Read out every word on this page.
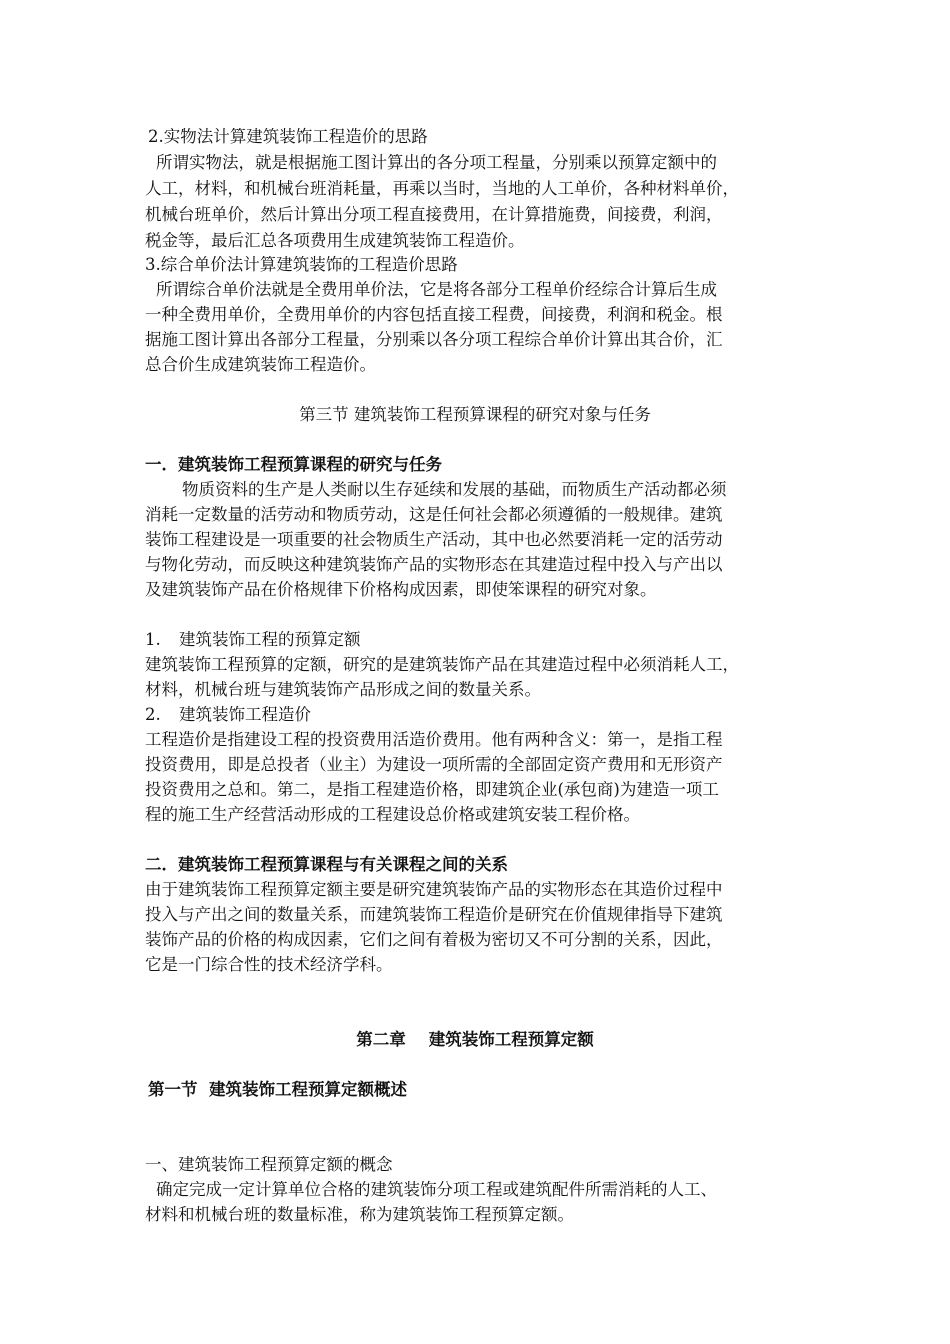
2.实物法计算建筑装饰工程造价的思路
所谓实物法，就是根据施工图计算出的各分项工程量，分别乘以预算定额中的
人工，材料，和机械台班消耗量，再乘以当时，当地的人工单价，各种材料单价，
机械台班单价，然后计算出分项工程直接费用，在计算措施费，间接费，利润，
税金等，最后汇总各项费用生成建筑装饰工程造价。
3.综合单价法计算建筑装饰的工程造价思路
所谓综合单价法就是全费用单价法，它是将各部分工程单价经综合计算后生成
一种全费用单价，全费用单价的内容包括直接工程费，间接费，利润和税金。根
据施工图计算出各部分工程量，分别乘以各分项工程综合单价计算出其合价，汇
总合价生成建筑装饰工程造价。
第三节 建筑装饰工程预算课程的研究对象与任务
一．建筑装饰工程预算课程的研究与任务
物质资料的生产是人类耐以生存延续和发展的基础，而物质生产活动都必须
消耗一定数量的活劳动和物质劳动，这是任何社会都必须遵循的一般规律。建筑
装饰工程建设是一项重要的社会物质生产活动，其中也必然要消耗一定的活劳动
与物化劳动，而反映这种建筑装饰产品的实物形态在其建造过程中投入与产出以
及建筑装饰产品在价格规律下价格构成因素，即使笨课程的研究对象。
1. 建筑装饰工程的预算定额
建筑装饰工程预算的定额，研究的是建筑装饰产品在其建造过程中必须消耗人工，
材料，机械台班与建筑装饰产品形成之间的数量关系。
2. 建筑装饰工程造价
工程造价是指建设工程的投资费用活造价费用。他有两种含义：第一，是指工程
投资费用，即是总投者（业主）为建设一项所需的全部固定资产费用和无形资产
投资费用之总和。第二，是指工程建造价格，即建筑企业(承包商)为建造一项工
程的施工生产经营活动形成的工程建设总价格或建筑安装工程价格。
二．建筑装饰工程预算课程与有关课程之间的关系
由于建筑装饰工程预算定额主要是研究建筑装饰产品的实物形态在其造价过程中
投入与产出之间的数量关系，而建筑装饰工程造价是研究在价值规律指导下建筑
装饰产品的价格的构成因素，它们之间有着极为密切又不可分割的关系，因此，
它是一门综合性的技术经济学科。
第二章    建筑装饰工程预算定额
第一节  建筑装饰工程预算定额概述
一、建筑装饰工程预算定额的概念
确定完成一定计算单位合格的建筑装饰分项工程或建筑配件所需消耗的人工、
材料和机械台班的数量标准，称为建筑装饰工程预算定额。
